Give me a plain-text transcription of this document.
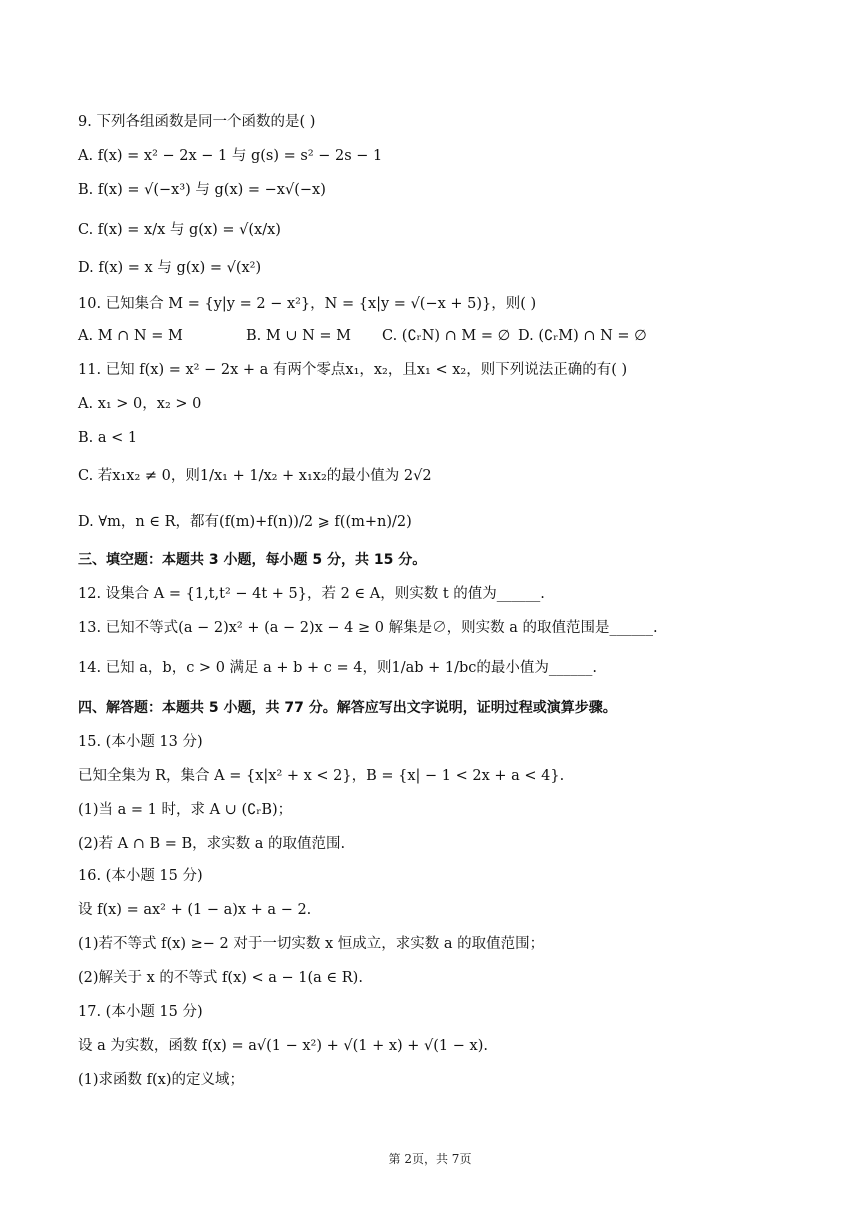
9. 下列各组函数是同一个函数的是( )
A. f(x) = x² − 2x − 1 与 g(s) = s² − 2s − 1
B. f(x) = √(−x³) 与 g(x) = −x√(−x)
C. f(x) = x/x 与 g(x) = √(x/x)
D. f(x) = x 与 g(x) = √(x²)
10. 已知集合 M = {y|y = 2 − x²}，N = {x|y = √(−x + 5)}，则( )
A. M ∩ N = M	B. M ∪ N = M C. (∁ᵣN) ∩ M = ∅ D. (∁ᵣM) ∩ N = ∅
11. 已知 f(x) = x² − 2x + a 有两个零点x₁，x₂，且x₁ < x₂，则下列说法正确的有( )
A. x₁ > 0，x₂ > 0
B. a < 1
C. 若x₁x₂ ≠ 0，则1/x₁ + 1/x₂ + x₁x₂的最小值为 2√2
D. ∀m，n ∈ R，都有(f(m)+f(n))/2 ⩾ f((m+n)/2)
三、填空题：本题共 3 小题，每小题 5 分，共 15 分。
12. 设集合 A = {1,t,t² − 4t + 5}，若 2 ∈ A，则实数 t 的值为______.
13. 已知不等式(a − 2)x² + (a − 2)x − 4 ≥ 0 解集是∅，则实数 a 的取值范围是______.
14. 已知 a，b，c > 0 满足 a + b + c = 4，则1/ab + 1/bc的最小值为______.
四、解答题：本题共 5 小题，共 77 分。解答应写出文字说明，证明过程或演算步骤。
15. (本小题 13 分)
已知全集为 R，集合 A = {x|x² + x < 2}，B = {x| − 1 < 2x + a < 4}.
(1)当 a = 1 时，求 A ∪ (∁ᵣB)；
(2)若 A ∩ B = B，求实数 a 的取值范围.
16. (本小题 15 分)
设 f(x) = ax² + (1 − a)x + a − 2.
(1)若不等式 f(x) ≥− 2 对于一切实数 x 恒成立，求实数 a 的取值范围；
(2)解关于 x 的不等式 f(x) < a − 1(a ∈ R).
17. (本小题 15 分)
设 a 为实数，函数 f(x) = a√(1 − x²) + √(1 + x) + √(1 − x).
(1)求函数 f(x)的定义域；
第 2页，共 7页
